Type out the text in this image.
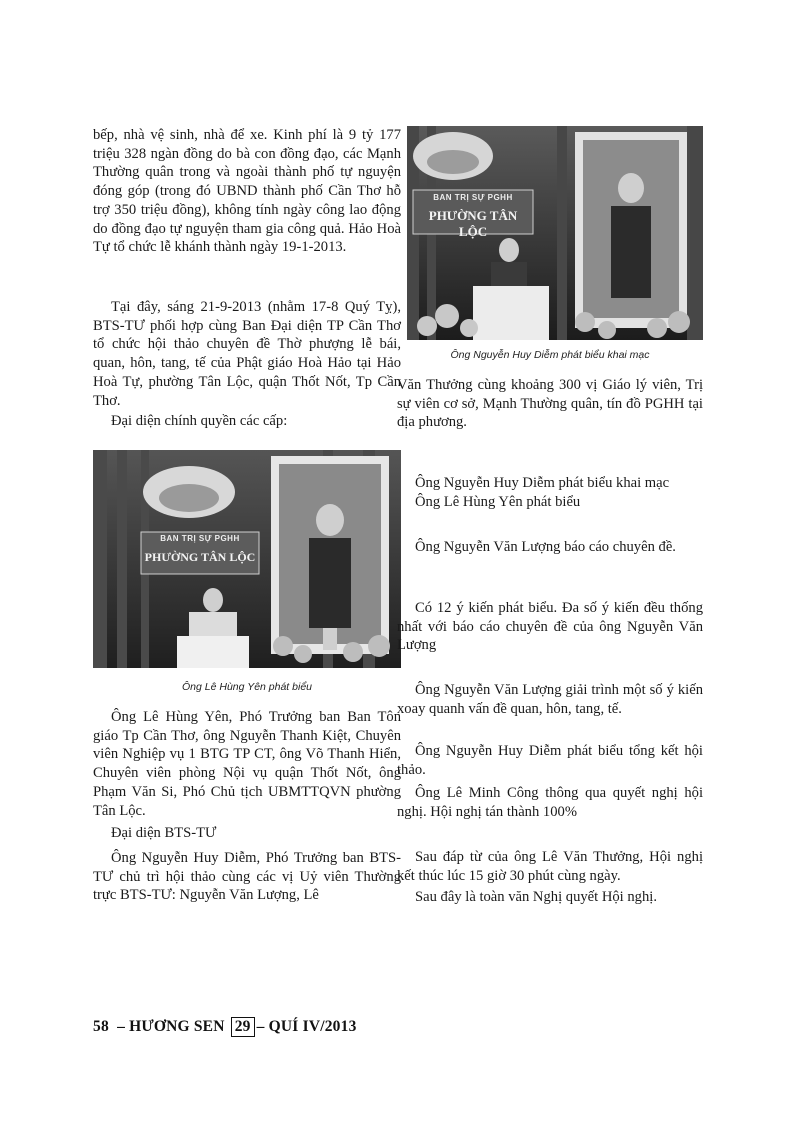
bếp, nhà vệ sinh, nhà để xe. Kinh phí là 9 tỷ 177 triệu 328 ngàn đồng do bà con đồng đạo, các Mạnh Thường quân trong và ngoài thành phố tự nguyện đóng góp (trong đó UBND thành phố Cần Thơ hỗ trợ 350 triệu đồng), không tính ngày công lao động do đồng đạo tự nguyện tham gia công quả. Hảo Hoà Tự tổ chức lễ khánh thành ngày 19-1-2013.

Tại đây, sáng 21-9-2013 (nhằm 17-8 Quý Tỵ), BTS-TƯ phối hợp cùng Ban Đại diện TP Cần Thơ tổ chức hội thảo chuyên đề Thờ phượng lễ bái, quan, hôn, tang, tế của Phật giáo Hoà Hảo tại Hảo Hoà Tự, phường Tân Lộc, quận Thốt Nốt, Tp Cần Thơ.

Đại diện chính quyền các cấp:

BAN TRỊ SỰ PGHH
PHƯỜNG TÂN LỘC
Ông Lê Hùng Yên phát biểu

Ông Lê Hùng Yên, Phó Trưởng ban Ban Tôn giáo Tp Cần Thơ, ông Nguyễn Thanh Kiệt, Chuyên viên Nghiệp vụ 1 BTG TP CT, ông Võ Thanh Hiển, Chuyên viên phòng Nội vụ quận Thốt Nốt, ông Phạm Văn Si, Phó Chủ tịch UBMTTQVN phường Tân Lộc.

Đại diện BTS-TƯ

Ông Nguyễn Huy Diễm, Phó Trưởng ban BTS-TƯ chủ trì hội thảo cùng các vị Uỷ viên Thường trực BTS-TƯ: Nguyễn Văn Lượng, Lê

BAN TRỊ SỰ PGHH
PHƯỜNG TÂN LỘC
Ông Nguyễn Huy Diễm phát biểu khai mạc

Văn Thưởng cùng khoảng 300 vị Giáo lý viên, Trị sự viên cơ sở, Mạnh Thường quân, tín đồ PGHH tại địa phương.

Ông Nguyễn Huy Diễm phát biểu khai mạc

Ông Lê Hùng Yên phát biểu

Ông Nguyễn Văn Lượng báo cáo chuyên đề.

Có 12 ý kiến phát biểu. Đa số ý kiến đều thống nhất với báo cáo chuyên đề của ông Nguyễn Văn Lượng

Ông Nguyễn Văn Lượng giải trình một số ý kiến xoay quanh vấn đề quan, hôn, tang, tế.

Ông Nguyễn Huy Diễm phát biểu tổng kết hội thảo.

Ông Lê Minh Công thông qua quyết nghị hội nghị. Hội nghị tán thành 100%

Sau đáp từ của ông Lê Văn Thưởng, Hội nghị kết thúc lúc 15 giờ 30 phút cùng ngày.

Sau đây là toàn văn Nghị quyết Hội nghị.

58
– HƯƠNG SEN
29 – QUÍ IV/2013
